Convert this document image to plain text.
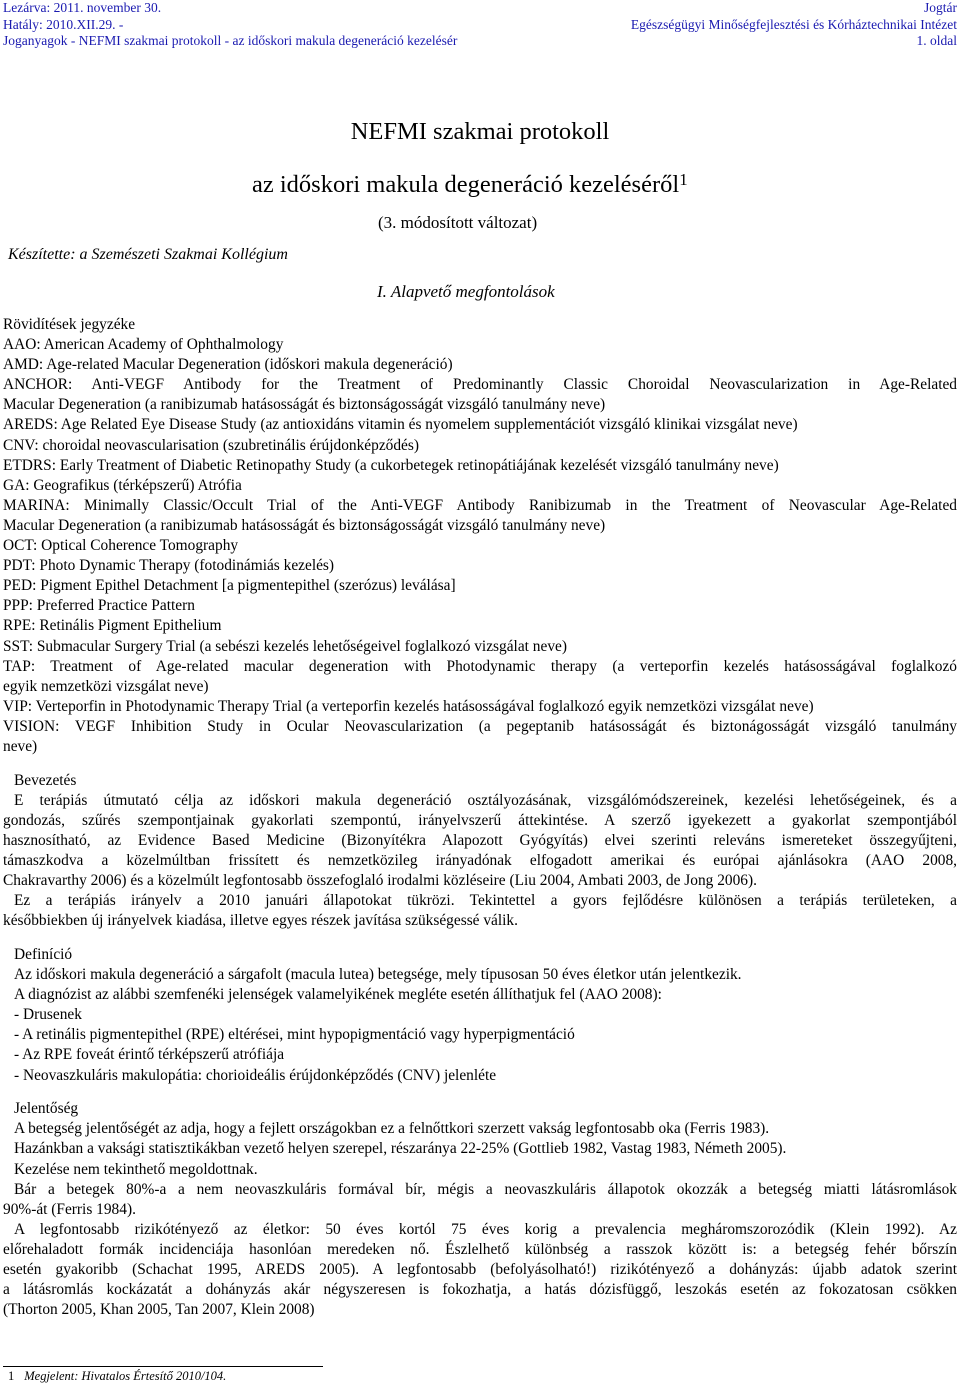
Lezárva: 2011. november 30.
Hatály: 2010.XII.29. -
Joganyagok - NEFMI szakmai protokoll - az időskori makula degeneráció kezelésér
Jogtár
Egészségügyi Minőségfejlesztési és Kórháztechnikai Intézet
1. oldal
NEFMI szakmai protokoll
az időskori makula degeneráció kezeléséről$^1$
(3. módosított változat)
Készítette: a Szemészeti Szakmai Kollégium
I. Alapvető megfontolások
Rövidítések jegyzéke
AAO: American Academy of Ophthalmology
AMD: Age-related Macular Degeneration (időskori makula degeneráció)
ANCHOR: Anti-VEGF Antibody for the Treatment of Predominantly Classic Choroidal Neovascularization in Age-Related
Macular Degeneration (a ranibizumab hatásosságát és biztonságosságát vizsgáló tanulmány neve)
AREDS: Age Related Eye Disease Study (az antioxidáns vitamin és nyomelem supplementációt vizsgáló klinikai vizsgálat neve)
CNV: choroidal neovascularisation (szubretinális érújdonképződés)
ETDRS: Early Treatment of Diabetic Retinopathy Study (a cukorbetegek retinopátiájának kezelését vizsgáló tanulmány neve)
GA: Geografikus (térképszerű) Atrófia
MARINA: Minimally Classic/Occult Trial of the Anti-VEGF Antibody Ranibizumab in the Treatment of Neovascular Age-Related
Macular Degeneration (a ranibizumab hatásosságát és biztonságosságát vizsgáló tanulmány neve)
OCT: Optical Coherence Tomography
PDT: Photo Dynamic Therapy (fotodinámiás kezelés)
PED: Pigment Epithel Detachment [a pigmentepithel (szerózus) leválása]
PPP: Preferred Practice Pattern
RPE: Retinális Pigment Epithelium
SST: Submacular Surgery Trial (a sebészi kezelés lehetőségeivel foglalkozó vizsgálat neve)
TAP: Treatment of Age-related macular degeneration with Photodynamic therapy (a verteporfin kezelés hatásosságával foglalkozó
egyik nemzetközi vizsgálat neve)
VIP: Verteporfin in Photodynamic Therapy Trial (a verteporfin kezelés hatásosságával foglalkozó egyik nemzetközi vizsgálat neve)
VISION: VEGF Inhibition Study in Ocular Neovascularization (a pegeptanib hatásosságát és biztonágosságát vizsgáló tanulmány
neve)
Bevezetés
E terápiás útmutató célja az időskori makula degeneráció osztályozásának, vizsgálómódszereinek, kezelési lehetőségeinek, és a
gondozás, szűrés szempontjainak gyakorlati szempontú, irányelvszerű áttekintése. A szerző igyekezett a gyakorlat szempontjából
hasznosítható, az Evidence Based Medicine (Bizonyítékra Alapozott Gyógyítás) elvei szerinti releváns ismereteket összegyűjteni,
támaszkodva a közelmúltban frissített és nemzetközileg irányadónak elfogadott amerikai és európai ajánlásokra (AAO 2008,
Chakravarthy 2006) és a közelmúlt legfontosabb összefoglaló irodalmi közléseire (Liu 2004, Ambati 2003, de Jong 2006).
Ez a terápiás irányelv a 2010 januári állapotokat tükrözi. Tekintettel a gyors fejlődésre különösen a terápiás területeken, a
későbbiekben új irányelvek kiadása, illetve egyes részek javítása szükségessé válik.
Definíció
Az időskori makula degeneráció a sárgafolt (macula lutea) betegsége, mely típusosan 50 éves életkor után jelentkezik.
A diagnózist az alábbi szemfenéki jelenségek valamelyikének megléte esetén állíthatjuk fel (AAO 2008):
- Drusenek
- A retinális pigmentepithel (RPE) eltérései, mint hypopigmentáció vagy hyperpigmentáció
- Az RPE foveát érintő térképszerű atrófiája
- Neovaszkuláris makulopátia: chorioideális érújdonképződés (CNV) jelenléte
Jelentőség
A betegség jelentőségét az adja, hogy a fejlett országokban ez a felnőttkori szerzett vakság legfontosabb oka (Ferris 1983).
Hazánkban a vaksági statisztikákban vezető helyen szerepel, részaránya 22-25% (Gottlieb 1982, Vastag 1983, Németh 2005).
Kezelése nem tekinthető megoldottnak.
Bár a betegek 80%-a a nem neovaszkuláris formával bír, mégis a neovaszkuláris állapotok okozzák a betegség miatti látásromlások
90%-át (Ferris 1984).
A legfontosabb rizikótényező az életkor: 50 éves kortól 75 éves korig a prevalencia megháromszorozódik (Klein 1992). Az
előrehaladott formák incidenciája hasonlóan meredeken nő. Észlelhető különbség a rasszok között is: a betegség fehér bőrszín
esetén gyakoribb (Schachat 1995, AREDS 2005). A legfontosabb (befolyásolható!) rizikótényező a dohányzás: újabb adatok szerint
a látásromlás kockázatát a dohányzás akár négyszeresen is fokozhatja, a hatás dózisfüggő, leszokás esetén az fokozatosan csökken
(Thorton 2005, Khan 2005, Tan 2007, Klein 2008)
1 Megjelent: Hivatalos Értesítő 2010/104.
